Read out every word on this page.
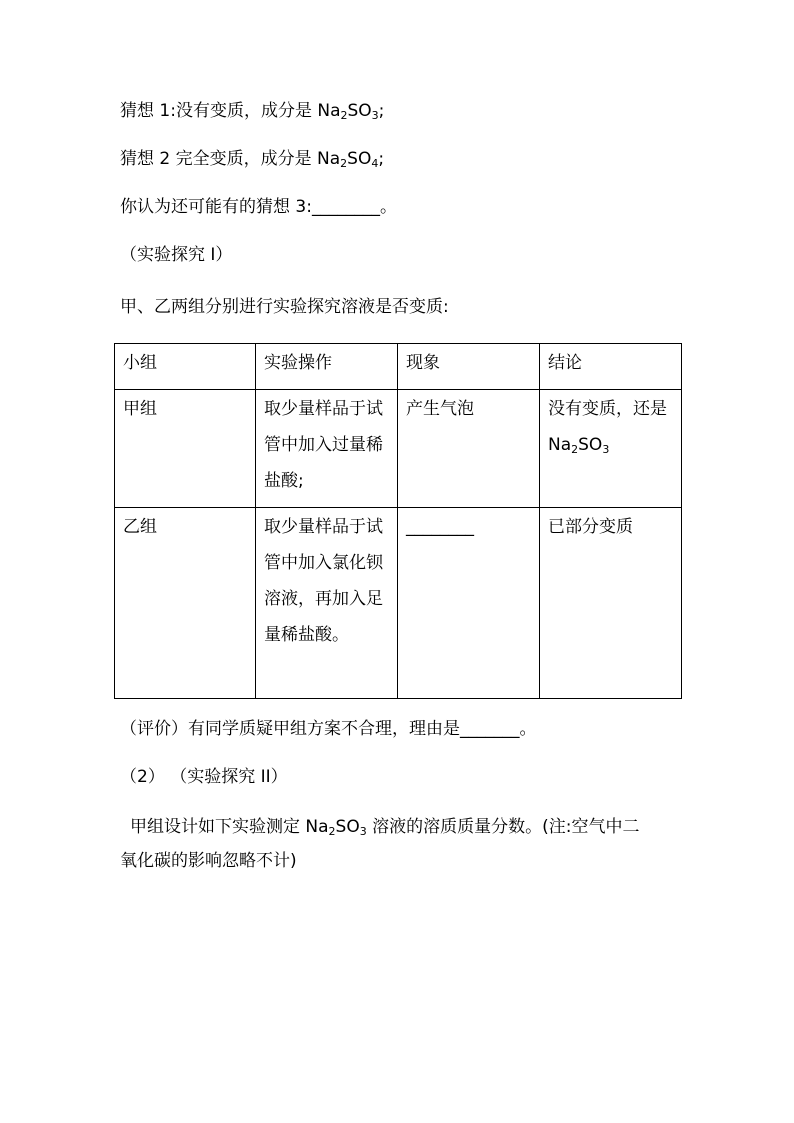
猜想 1:没有变质，成分是 $Na_2SO_3$;
猜想 2 完全变质，成分是 $Na_2SO_4$;
你认为还可能有的猜想 3:________。
（实验探究 I）
甲、乙两组分别进行实验探究溶液是否变质:
小组	实验操作	现象	结论
甲组	取少量样品于试管中加入过量稀盐酸;	产生气泡	没有变质，还是 $Na_2SO_3$
乙组	取少量样品于试管中加入氯化钡溶液，再加入足量稀盐酸。	________	已部分变质
（评价）有同学质疑甲组方案不合理，理由是_______。
（2） （实验探究 II）
甲组设计如下实验测定 $Na_2SO_3$ 溶液的溶质质量分数。(注:空气中二
氧化碳的影响忽略不计)
